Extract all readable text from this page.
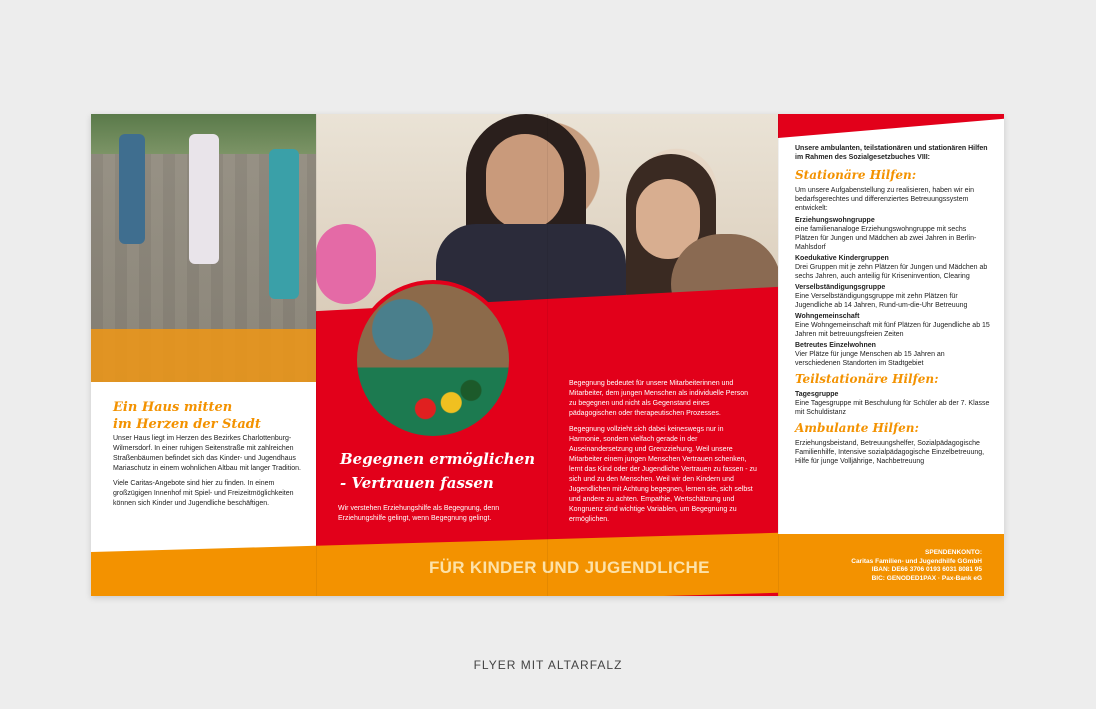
Ein Haus mitten
im Herzen der Stadt

Unser Haus liegt im Herzen des Bezirkes Charlottenburg-Wilmersdorf. In einer ruhigen Seitenstraße mit zahlreichen Straßenbäumen befindet sich das Kinder- und Jugendhaus Mariaschutz in einem wohnlichen Altbau mit langer Tradition.

Viele Caritas-Angebote sind hier zu finden. In einem großzügigen Innenhof mit Spiel- und Freizeitmöglichkeiten können sich Kinder und Jugendliche beschäftigen.

Begegnen ermöglichen
- Vertrauen fassen

Wir verstehen Erziehungshilfe als Begegnung, denn Erziehungshilfe gelingt, wenn Begegnung gelingt.

Begegnung bedeutet für unsere Mitarbeiterinnen und Mitarbeiter, dem jungen Menschen als individuelle Person zu begegnen und nicht als Gegenstand eines pädagogischen oder therapeutischen Prozesses.

Begegnung vollzieht sich dabei keineswegs nur in Harmonie, sondern vielfach gerade in der Auseinandersetzung und Grenzziehung. Weil unsere Mitarbeiter einem jungen Menschen Vertrauen schenken, lernt das Kind oder der Jugendliche Vertrauen zu fassen - zu sich und zu den Menschen. Weil wir den Kindern und Jugendlichen mit Achtung begegnen, lernen sie, sich selbst und andere zu achten. Empathie, Wertschätzung und Kongruenz sind wichtige Variablen, um Begegnung zu ermöglichen.

Unsere ambulanten, teilstationären und stationären Hilfen im Rahmen des Sozialgesetzbuches VIII:

Stationäre Hilfen:

Um unsere Aufgabenstellung zu realisieren, haben wir ein bedarfsgerechtes und differenziertes Betreuungssystem entwickelt:

Erziehungswohngruppe
eine familienanaloge Erziehungswohngruppe mit sechs Plätzen für Jungen und Mädchen ab zwei Jahren in Berlin-Mahlsdorf
Koedukative Kindergruppen
Drei Gruppen mit je zehn Plätzen für Jungen und Mädchen ab sechs Jahren, auch anteilig für Kriseninvention, Clearing
Verselbständigungsgruppe
Eine Verselbständigungsgruppe mit zehn Plätzen für Jugendliche ab 14 Jahren, Rund-um-die-Uhr Betreuung
Wohngemeinschaft
Eine Wohngemeinschaft mit fünf Plätzen für Jugendliche ab 15 Jahren mit betreuungsfreien Zeiten
Betreutes Einzelwohnen
Vier Plätze für junge Menschen ab 15 Jahren an verschiedenen Standorten im Stadtgebiet
Teilstationäre Hilfen:
Tagesgruppe
Eine Tagesgruppe mit Beschulung für Schüler ab der 7. Klasse mit Schuldistanz
Ambulante Hilfen:

Erziehungsbeistand, Betreuungshelfer, Sozialpädagogische Familienhilfe, Intensive sozialpädagogische Einzelbetreuung, Hilfe für junge Volljährige, Nachbetreuung

SPENDENKONTO:
Caritas Familien- und Jugendhilfe GGmbH
IBAN: DE66 3706 0193 6031 8081 95
BIC: GENODED1PAX · Pax-Bank eG
FÜR KINDER UND JUGENDLICHE
FLYER MIT ALTARFALZ
